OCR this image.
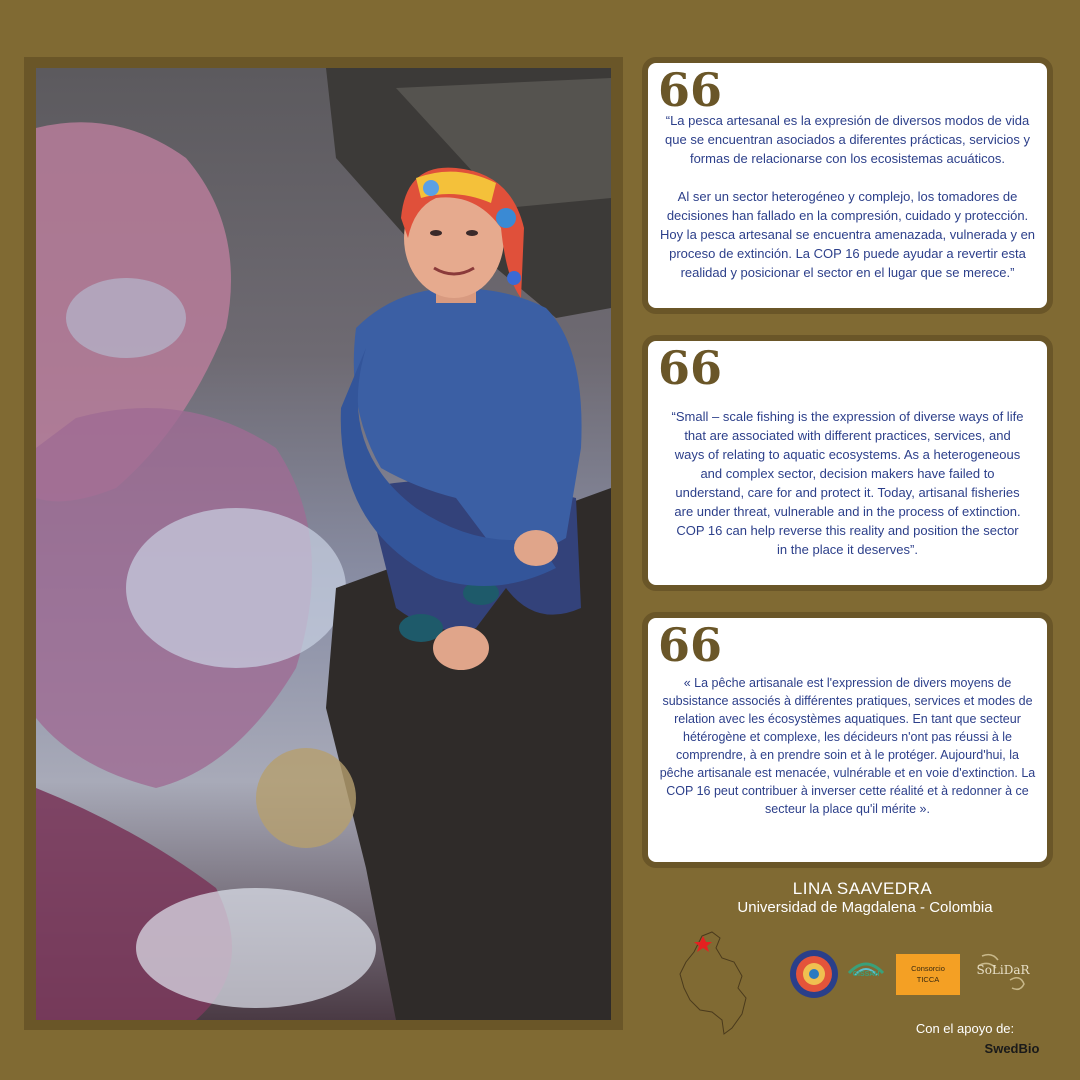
66
“La pesca artesanal es la expresión de diversos modos de vida que se encuentran asociados a diferentes prácticas, servicios y formas de relacionarse con los ecosistemas acuáticos.

Al ser un sector heterogéneo y complejo, los tomadores de decisiones han fallado en la compresión, cuidado y protección. Hoy la pesca artesanal se encuentra amenazada, vulnerada y en proceso de extinción. La COP 16 puede ayudar a revertir esta realidad y posicionar el sector en el lugar que se merece.”
66
“Small – scale fishing is the expression of diverse ways of life that are associated with different practices, services, and ways of relating to aquatic ecosystems. As a heterogeneous and complex sector, decision makers have failed to understand, care for and protect it. Today, artisanal fisheries are under threat, vulnerable and in the process of extinction. COP 16 can help reverse this reality and position the sector in the place it deserves”.
66
« La pêche artisanale est l'expression de divers moyens de subsistance associés à différentes pratiques, services et modes de relation avec les écosystèmes aquatiques. En tant que secteur hétérogène et complexe, les décideurs n'ont pas réussi à le comprendre, à en prendre soin et à le protéger. Aujourd'hui, la pêche artisanale est menacée, vulnérable et en voie d'extinction. La COP 16 peut contribuer à inverser cette réalité et à redonner à ce secteur la place qu'il mérite ».
LINA SAAVEDRA
Universidad de Magdalena - Colombia
GISSAH
Consorcio
TICCA
SoLiDaR
Con el apoyo de:
SwedBio
